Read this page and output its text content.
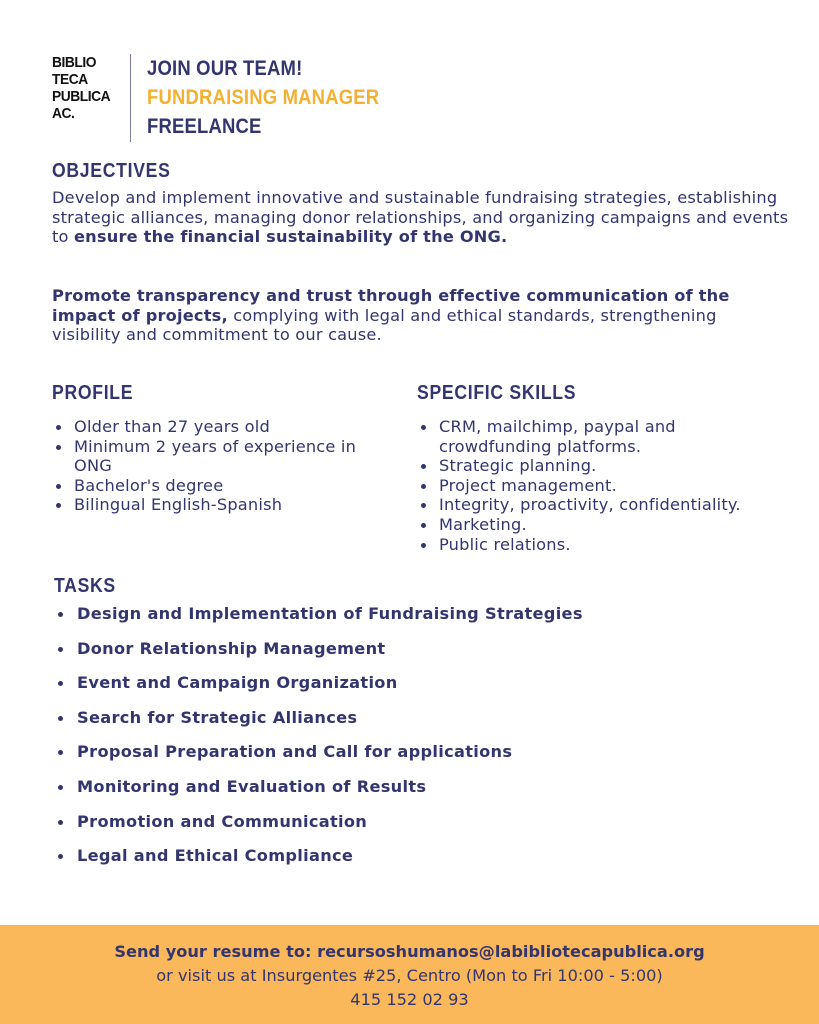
BIBLIO
TECA
PUBLICA
AC.
JOIN OUR TEAM!
FUNDRAISING MANAGER
FREELANCE
OBJECTIVES
Develop and implement innovative and sustainable fundraising strategies, establishing strategic alliances, managing donor relationships, and organizing campaigns and events to ensure the financial sustainability of the ONG.
Promote transparency and trust through effective communication of the impact of projects, complying with legal and ethical standards, strengthening visibility and commitment to our cause.
PROFILE
Older than 27 years old
Minimum 2 years of experience in ONG
Bachelor's degree
Bilingual English-Spanish
SPECIFIC SKILLS
CRM, mailchimp, paypal and crowdfunding platforms.
Strategic planning.
Project management.
Integrity, proactivity, confidentiality.
Marketing.
Public relations.
TASKS
Design and Implementation of Fundraising Strategies
Donor Relationship Management
Event and Campaign Organization
Search for Strategic Alliances
Proposal Preparation and Call for applications
Monitoring and Evaluation of Results
Promotion and Communication
Legal and Ethical Compliance
Send your resume to: recursoshumanos@labibliotecapublica.org
or visit us at Insurgentes #25, Centro (Mon to Fri 10:00 - 5:00)
415 152 02 93
